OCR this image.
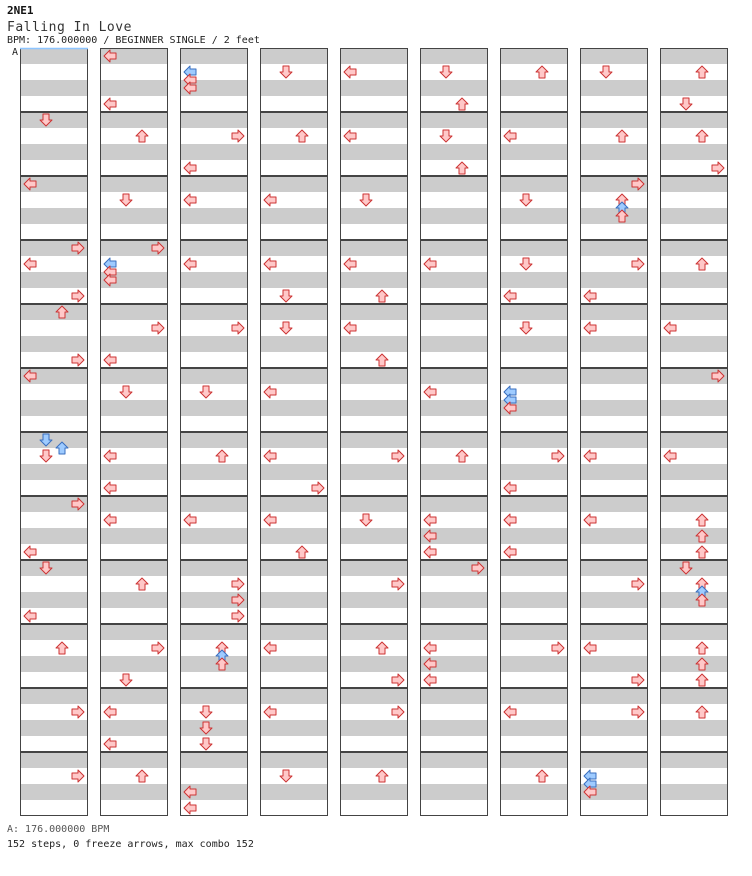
2NE1
Falling In Love
BPM: 176.000000 / BEGINNER SINGLE / 2 feet
A
A: 176.000000 BPM
152 steps, 0 freeze arrows, max combo 152
